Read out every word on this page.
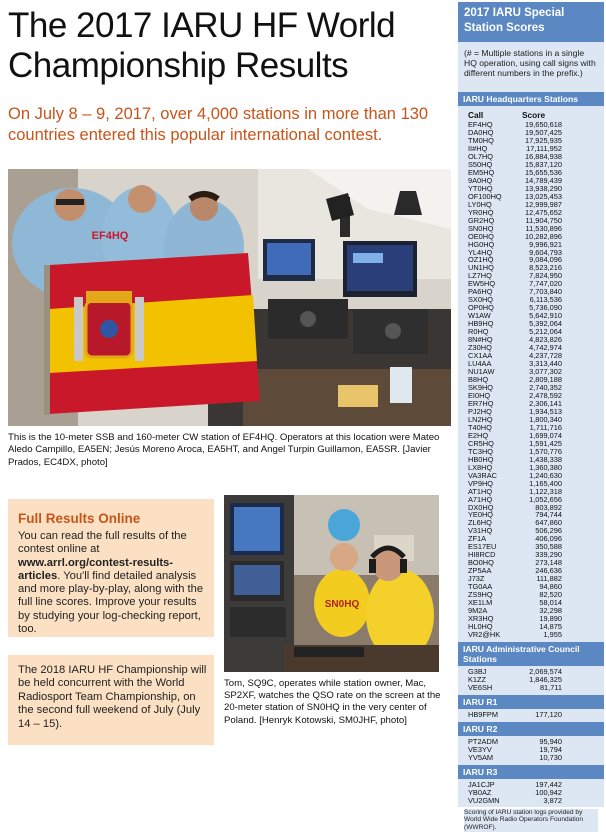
The 2017 IARU HF World Championship Results

On July 8 – 9, 2017, over 4,000 stations in more than 130 countries entered this popular international contest.

EF4HQ

This is the 10-meter SSB and 160-meter CW station of EF4HQ. Operators at this location were Mateo Aledo Campillo, EA5EN; Jesús Moreno Aroca, EA5HT, and Angel Turpin Guillamon, EA5SR. [Javier Prados, EC4DX, photo]

Full Results Online

You can read the full results of the contest online at www.arrl.org/contest-results-articles. You'll find detailed analysis and more play-by-play, along with the full line scores. Improve your results by studying your log-checking report, too.

The 2018 IARU HF Championship will be held concurrent with the World Radiosport Team Championship, on the second full weekend of July (July 14 – 15).

SN0HQ

Tom, SQ9C, operates while station owner, Mac, SP2XF, watches the QSO rate on the screen at the 20-meter station of SN0HQ in the very center of Poland. [Henryk Kotowski, SM0JHF, photo]

2017 IARU Special Station Scores
(# = Multiple stations in a single HQ operation, using call signs with different numbers in the prefix.)
IARU Headquarters Stations
Call	Score
EF4HQ	19,650,618
DA0HQ	19,507,425
TM0HQ	17,925,935
II#HQ	17,111,952
OL7HQ	16,884,938
S50HQ	15,837,120
EM5HQ	15,655,536
9A0HQ	14,789,439
YT0HQ	13,938,290
OF100HQ	13,025,453
LY0HQ	12,999,987
YR0HQ	12,475,652
GR2HQ	11,904,750
SN0HQ	11,530,896
OE0HQ	10,282,896
HG0HQ	9,996,921
YL4HQ	9,604,793
OZ1HQ	9,084,096
UN1HQ	8,523,216
LZ7HQ	7,824,950
EW5HQ	7,747,020
PA6HQ	7,703,840
SX0HQ	6,113,536
OP0HQ	5,736,090
W1AW	5,642,910
HB9HQ	5,392,064
R0HQ	5,212,064
8N#HQ	4,823,826
Z30HQ	4,742,974
CX1AA	4,237,728
LU4AA	3,313,440
NU1AW	3,077,302
B8HQ	2,809,188
SK9HQ	2,740,352
EI0HQ	2,478,592
ER7HQ	2,306,141
PJ2HQ	1,934,513
LN2HQ	1,800,340
T40HQ	1,711,716
E2HQ	1,699,074
CR5HQ	1,591,425
TC3HQ	1,570,776
HB0HQ	1,438,338
LX8HQ	1,360,380
VA3RAC	1,240,630
VP9HQ	1,165,400
AT1HQ	1,122,318
A71HQ	1,052,656
DX0HQ	803,892
YE0HQ	794,744
ZL6HQ	647,860
V31HQ	506,296
ZF1A	406,096
ES17EU	350,588
HI8RCD	339,290
BO0HQ	273,148
ZP5AA	246,636
J73Z	111,882
TG0AA	94,860
ZS9HQ	82,520
XE1LM	58,014
9M2A	32,298
XR3HQ	19,890
HL0HQ	14,875
VR2@HK	1,955
IARU Administrative Council Stations
G3BJ	2,069,574
K1ZZ	1,846,325
VE6SH	81,711
IARU R1
HB9FPM	177,120
IARU R2
PT2ADM	95,940
VE3YV	19,794
YV5AM	10,730
IARU R3
JA1CJP	197,442
YB0AZ	100,942
VU2GMN	3,872
Scoring of IARU station logs provided by World Wide Radio Operators Foundation (WWROF).
